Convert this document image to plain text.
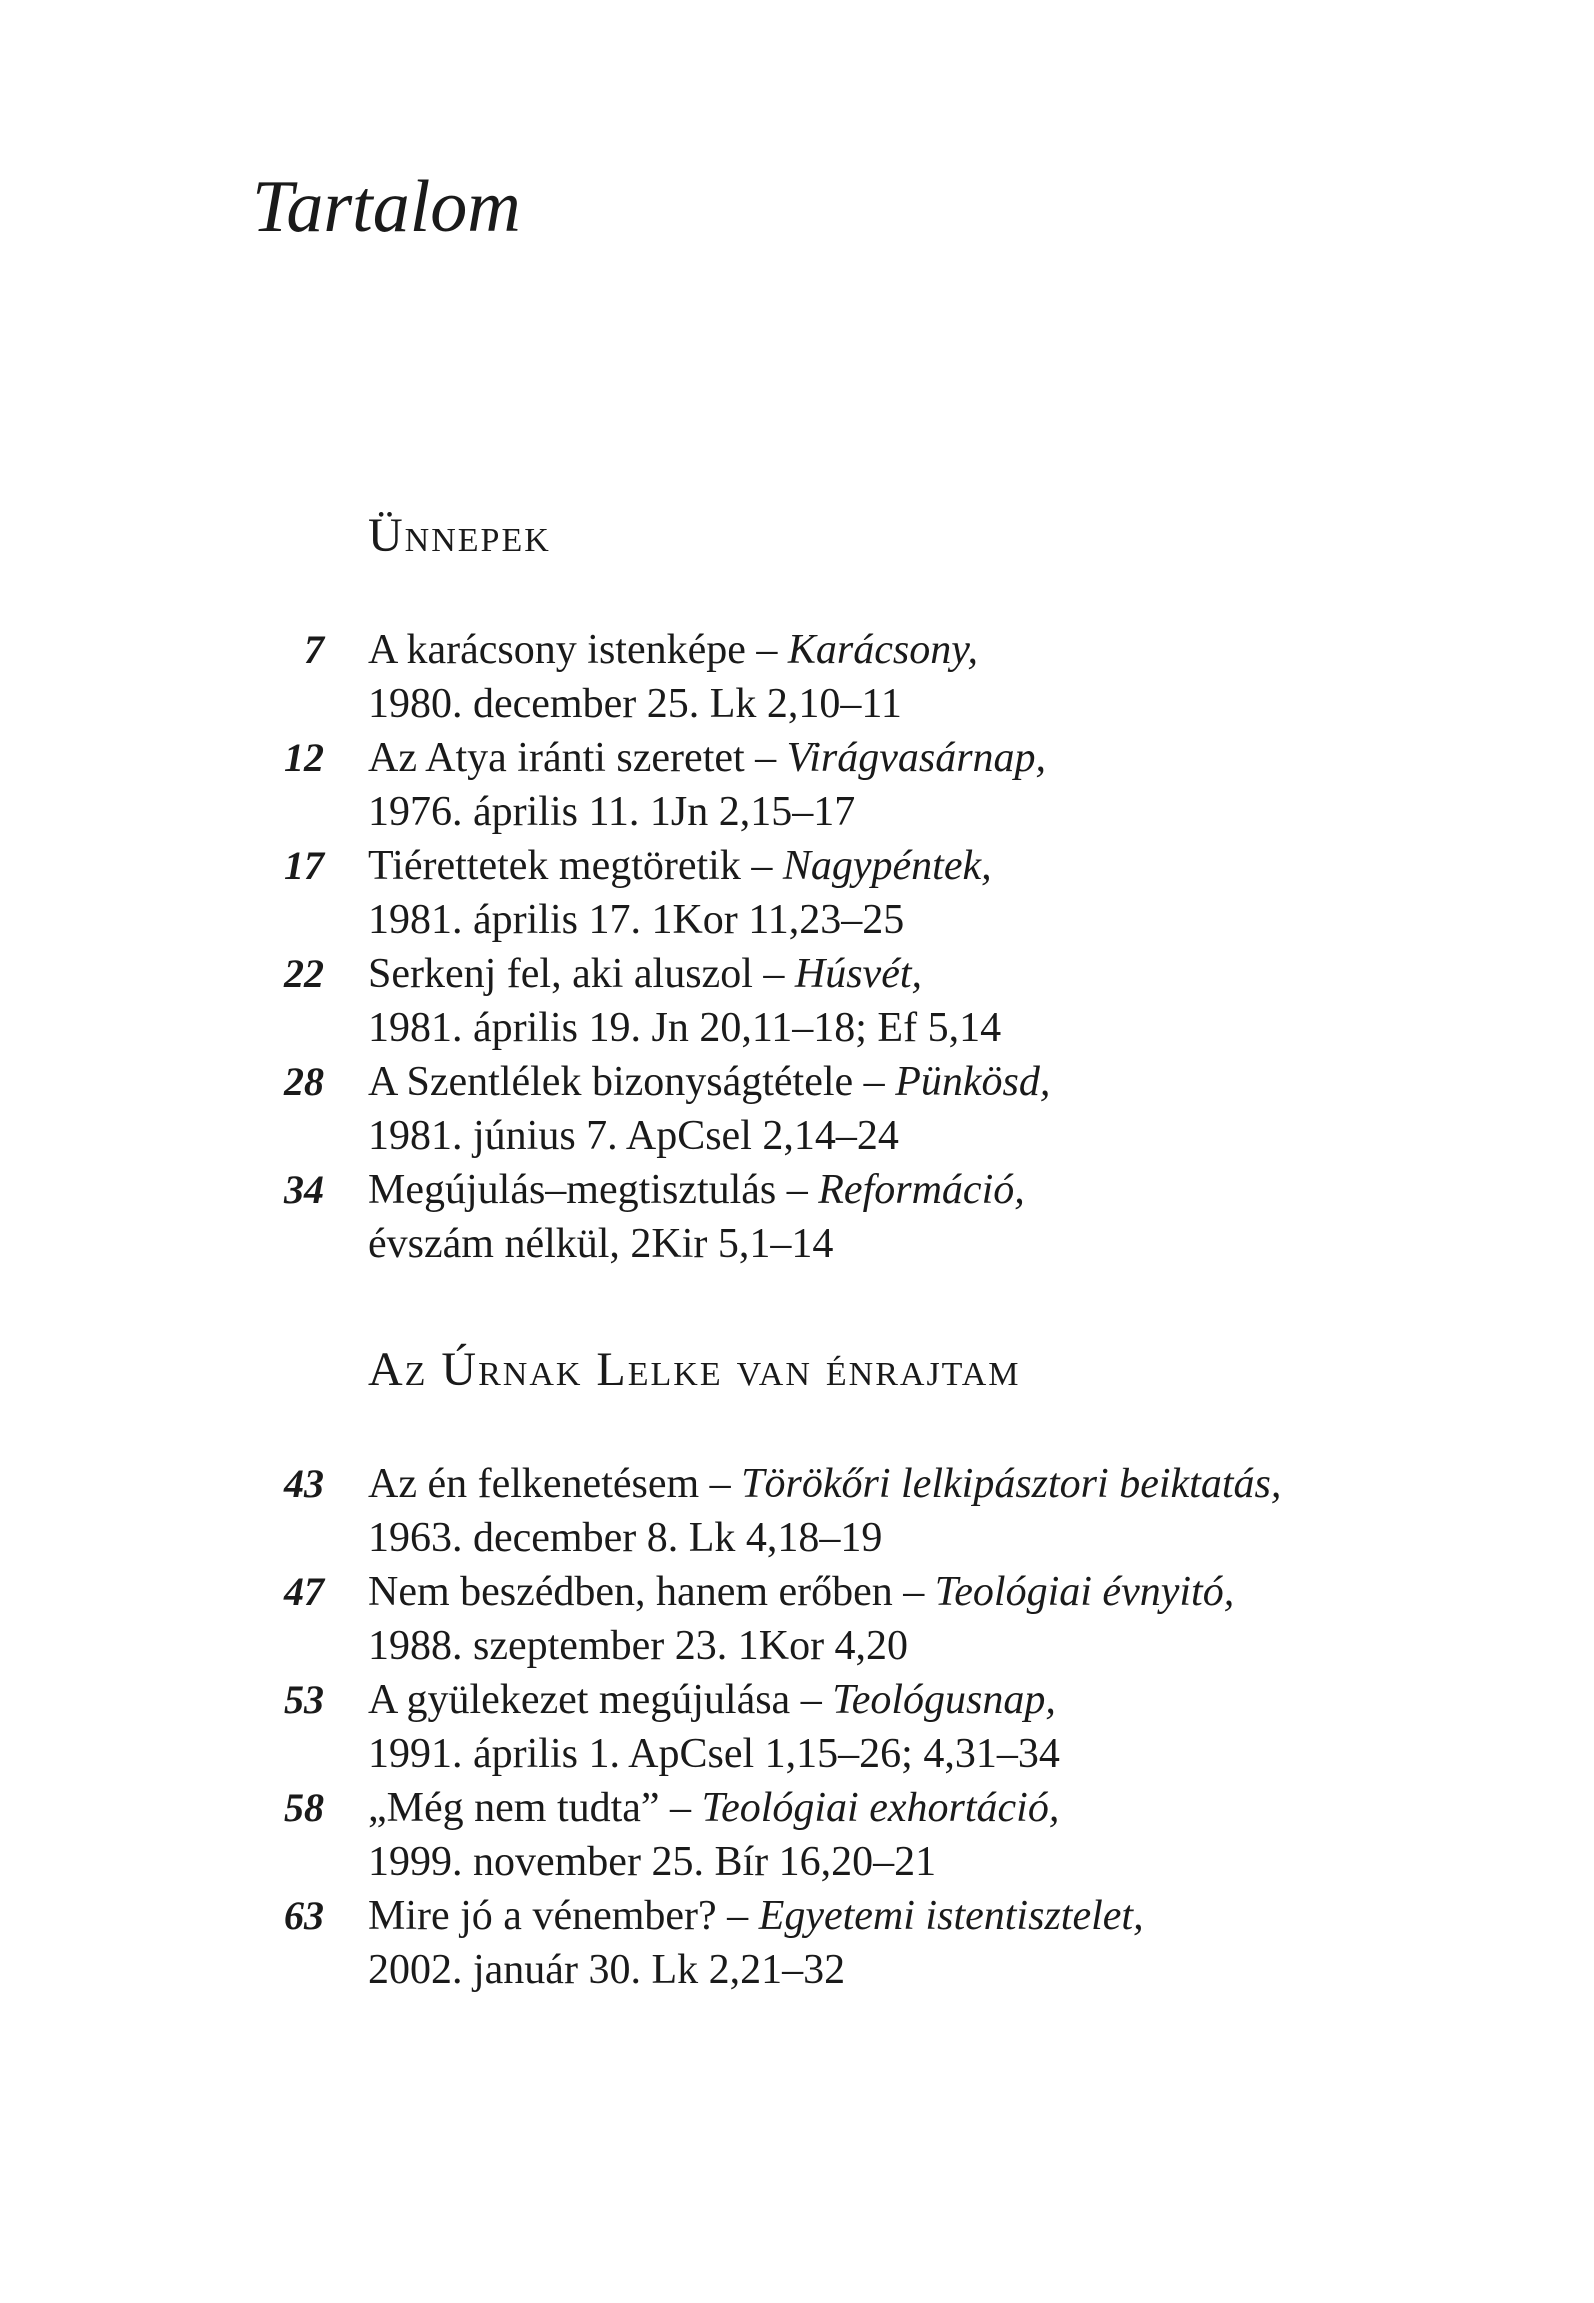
Tartalom
Ünnepek
7 A karácsony istenképe – Karácsony,
1980. december 25. Lk 2,10–11
12 Az Atya iránti szeretet – Virágvasárnap,
1976. április 11. 1Jn 2,15–17
17 Tiérettetek megtöretik – Nagypéntek,
1981. április 17. 1Kor 11,23–25
22 Serkenj fel, aki aluszol – Húsvét,
1981. április 19. Jn 20,11–18; Ef 5,14
28 A Szentlélek bizonyságtétele – Pünkösd,
1981. június 7. ApCsel 2,14–24
34 Megújulás–megtisztulás – Reformáció,
évszám nélkül, 2Kir 5,1–14
Az Úrnak Lelke van énrajtam
43 Az én felkenetésem – Törökőri lelkipásztori beiktatás,
1963. december 8. Lk 4,18–19
47 Nem beszédben, hanem erőben – Teológiai évnyitó,
1988. szeptember 23. 1Kor 4,20
53 A gyülekezet megújulása – Teológusnap,
1991. április 1. ApCsel 1,15–26; 4,31–34
58 „Még nem tudta” – Teológiai exhortáció,
1999. november 25. Bír 16,20–21
63 Mire jó a vénember? – Egyetemi istentisztelet,
2002. január 30. Lk 2,21–32
